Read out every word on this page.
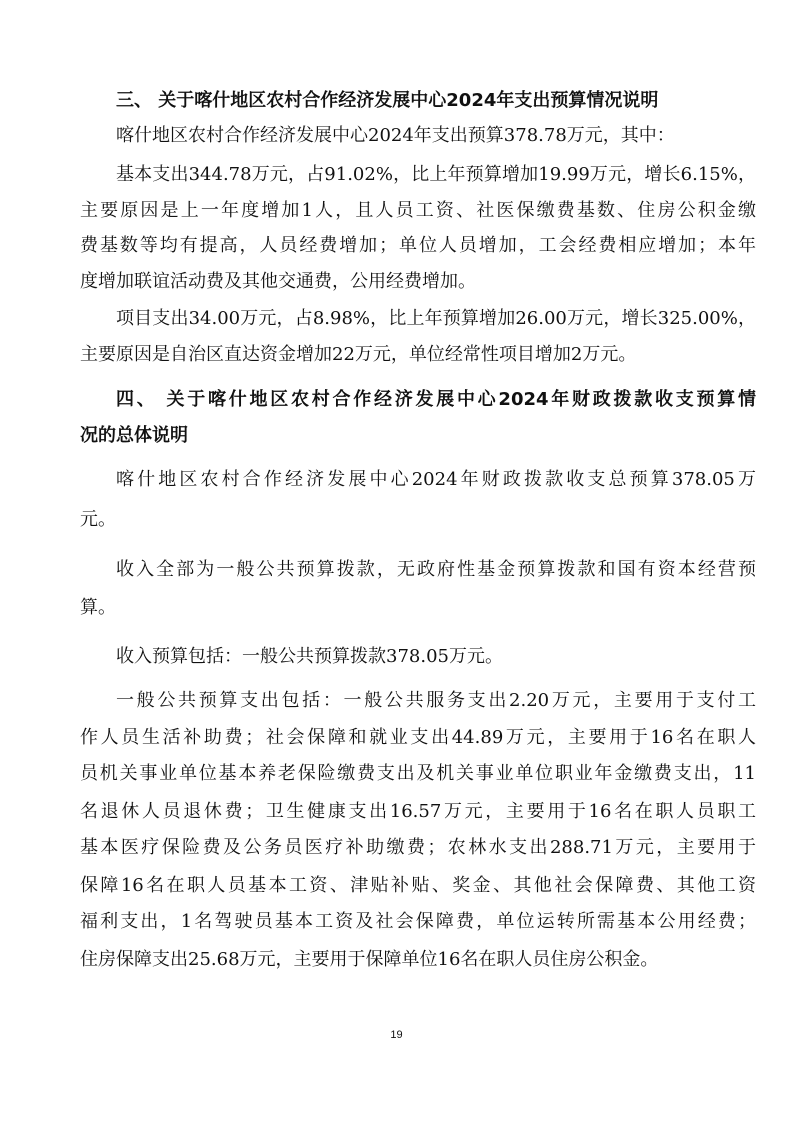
三、 关于喀什地区农村合作经济发展中心2024年支出预算情况说明
喀什地区农村合作经济发展中心2024年支出预算378.78万元，其中：
基本支出344.78万元，占91.02%，比上年预算增加19.99万元，增长6.15%，
主要原因是上一年度增加1人，且人员工资、社医保缴费基数、住房公积金缴
费基数等均有提高，人员经费增加；单位人员增加，工会经费相应增加；本年
度增加联谊活动费及其他交通费，公用经费增加。
项目支出34.00万元，占8.98%，比上年预算增加26.00万元，增长325.00%，
主要原因是自治区直达资金增加22万元，单位经常性项目增加2万元。
四、 关于喀什地区农村合作经济发展中心2024年财政拨款收支预算情
况的总体说明
喀什地区农村合作经济发展中心2024年财政拨款收支总预算378.05万
元。
收入全部为一般公共预算拨款，无政府性基金预算拨款和国有资本经营预
算。
收入预算包括：一般公共预算拨款378.05万元。
一般公共预算支出包括：一般公共服务支出2.20万元，主要用于支付工
作人员生活补助费；社会保障和就业支出44.89万元，主要用于16名在职人
员机关事业单位基本养老保险缴费支出及机关事业单位职业年金缴费支出，11
名退休人员退休费；卫生健康支出16.57万元，主要用于16名在职人员职工
基本医疗保险费及公务员医疗补助缴费；农林水支出288.71万元，主要用于
保障16名在职人员基本工资、津贴补贴、奖金、其他社会保障费、其他工资
福利支出，1名驾驶员基本工资及社会保障费，单位运转所需基本公用经费；
住房保障支出25.68万元，主要用于保障单位16名在职人员住房公积金。
19
